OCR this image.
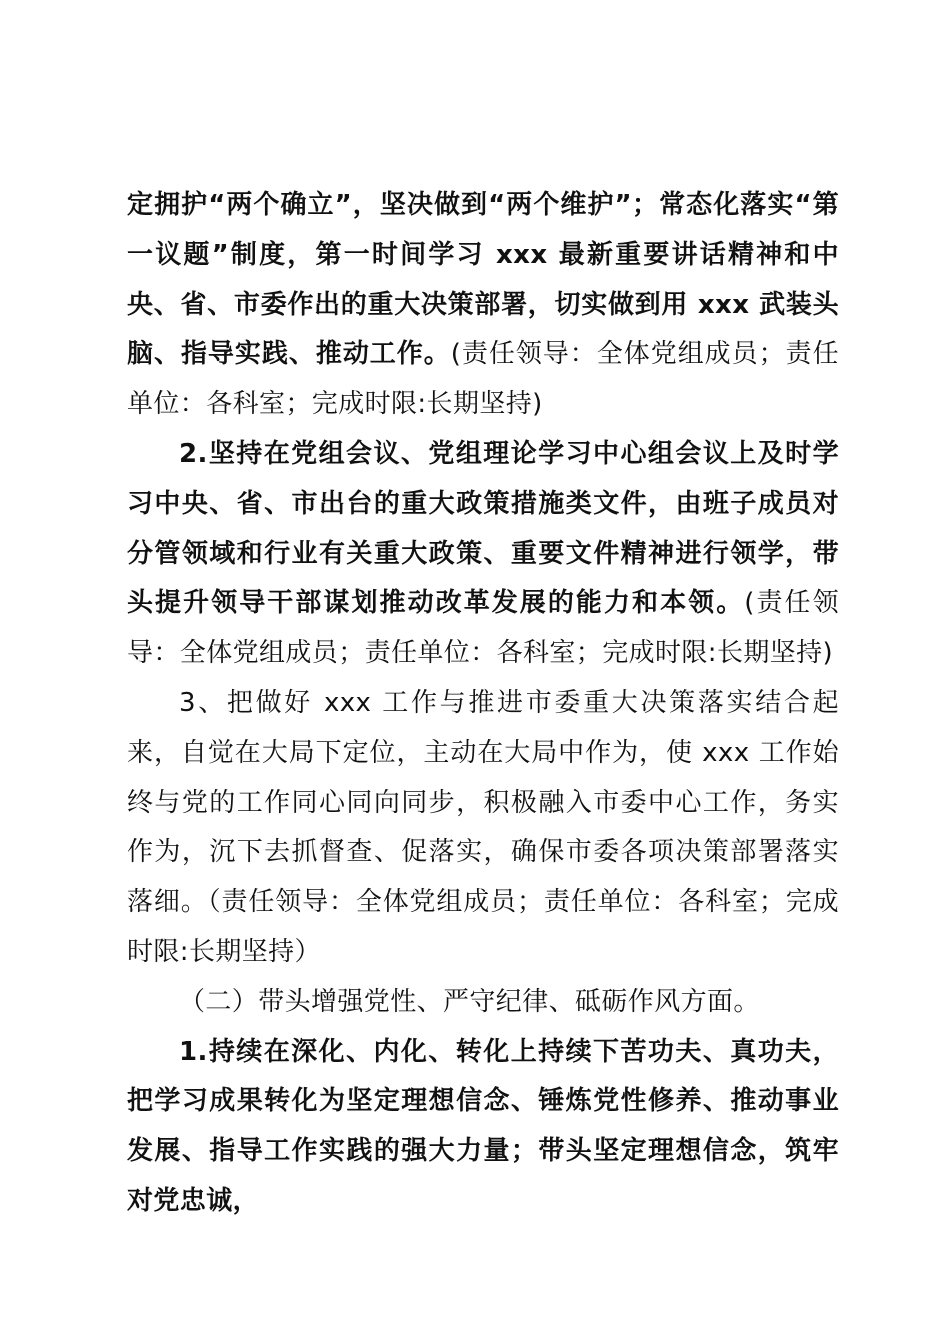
定拥护“两个确立”，坚决做到“两个维护”；常态化落实“第一议题”制度，第一时间学习 xxx 最新重要讲话精神和中央、省、市委作出的重大决策部署，切实做到用 xxx 武装头脑、指导实践、推动工作。(责任领导：全体党组成员；责任单位：各科室；完成时限:长期坚持)

2.坚持在党组会议、党组理论学习中心组会议上及时学习中央、省、市出台的重大政策措施类文件，由班子成员对分管领域和行业有关重大政策、重要文件精神进行领学，带头提升领导干部谋划推动改革发展的能力和本领。(责任领导：全体党组成员；责任单位：各科室；完成时限:长期坚持)

3、把做好 xxx 工作与推进市委重大决策落实结合起来，自觉在大局下定位，主动在大局中作为，使 xxx 工作始终与党的工作同心同向同步，积极融入市委中心工作，务实作为，沉下去抓督查、促落实，确保市委各项决策部署落实落细。（责任领导：全体党组成员；责任单位：各科室；完成时限:长期坚持）

（二）带头增强党性、严守纪律、砥砺作风方面。

1.持续在深化、内化、转化上持续下苦功夫、真功夫，把学习成果转化为坚定理想信念、锤炼党性修养、推动事业发展、指导工作实践的强大力量；带头坚定理想信念，筑牢对党忠诚，
